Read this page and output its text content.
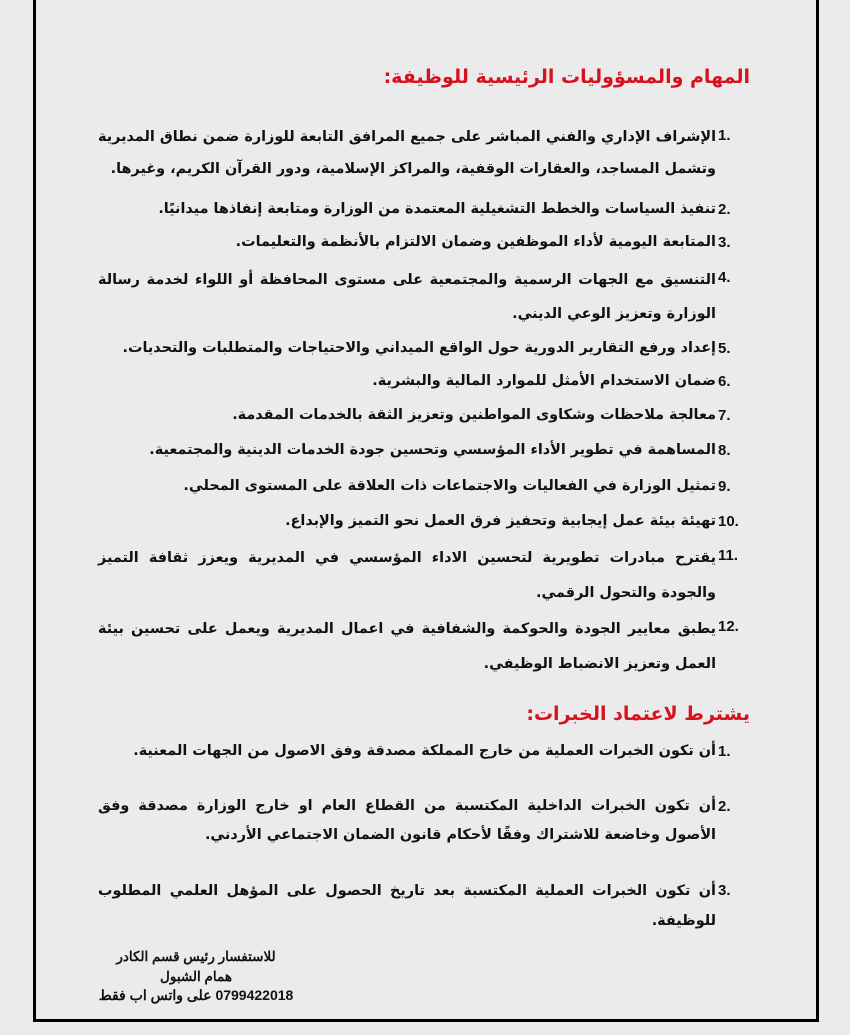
المهام والمسؤوليات الرئيسية للوظيفة:
1.
الإشراف الإداري والفني المباشر على جميع المرافق التابعة للوزارة ضمن نطاق المديرية وتشمل المساجد، والعقارات الوقفية، والمراكز الإسلامية، ودور القرآن الكريم، وغيرها.
2.
تنفيذ السياسات والخطط التشغيلية المعتمدة من الوزارة ومتابعة إنفاذها ميدانيًا.
3.
المتابعة اليومية لأداء الموظفين وضمان الالتزام بالأنظمة والتعليمات.
4.
التنسيق مع الجهات الرسمية والمجتمعية على مستوى المحافظة أو اللواء لخدمة رسالة الوزارة وتعزيز الوعي الديني.
5.
إعداد ورفع التقارير الدورية حول الواقع الميداني والاحتياجات والمتطلبات والتحديات.
6.
ضمان الاستخدام الأمثل للموارد المالية والبشرية.
7.
معالجة ملاحظات وشكاوى المواطنين وتعزيز الثقة بالخدمات المقدمة.
8.
المساهمة في تطوير الأداء المؤسسي وتحسين جودة الخدمات الدينية والمجتمعية.
9.
تمثيل الوزارة في الفعاليات والاجتماعات ذات العلاقة على المستوى المحلي.
10.
تهيئة بيئة عمل إيجابية وتحفيز فرق العمل نحو التميز والإبداع.
11.
يقترح مبادرات تطويرية لتحسين الاداء المؤسسي في المديرية ويعزز ثقافة التميز والجودة والتحول الرقمي.
12.
يطبق معايير الجودة والحوكمة والشفافية في اعمال المديرية ويعمل على تحسين بيئة العمل وتعزيز الانضباط الوظيفي.
يشترط لاعتماد الخبرات:
1.
أن تكون الخبرات العملية من خارج المملكة مصدقة وفق الاصول من الجهات المعنية.
2.
أن تكون الخبرات الداخلية المكتسبة من القطاع العام او خارج الوزارة مصدقة وفق الأصول وخاضعة للاشتراك وفقًا لأحكام قانون الضمان الاجتماعي الأردني.
3.
أن تكون الخبرات العملية المكتسبة بعد تاريخ الحصول على المؤهل العلمي المطلوب للوظيفة.
للاستفسار رئيس قسم الكادر
همام الشبول
0799422018 على واتس اب فقط
